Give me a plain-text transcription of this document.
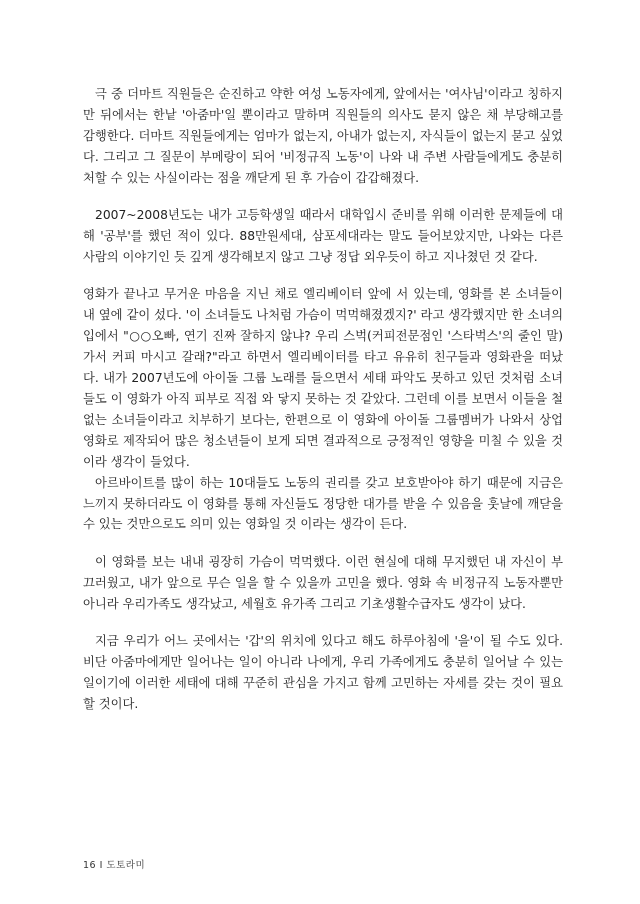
극 중 더마트 직원들은 순진하고 약한 여성 노동자에게, 앞에서는 '여사님'이라고 칭하지만 뒤에서는 한낱 '아줌마'일 뿐이라고 말하며 직원들의 의사도 묻지 않은 채 부당해고를 감행한다. 더마트 직원들에게는 엄마가 없는지, 아내가 없는지, 자식들이 없는지 묻고 싶었다. 그리고 그 질문이 부메랑이 되어 '비정규직 노동'이 나와 내 주변 사람들에게도 충분히 처할 수 있는 사실이라는 점을 깨닫게 된 후 가슴이 갑갑해졌다.

2007~2008년도는 내가 고등학생일 때라서 대학입시 준비를 위해 이러한 문제들에 대해 '공부'를 했던 적이 있다. 88만원세대, 삼포세대라는 말도 들어보았지만, 나와는 다른 사람의 이야기인 듯 깊게 생각해보지 않고 그냥 정답 외우듯이 하고 지나쳤던 것 같다.

영화가 끝나고 무거운 마음을 지닌 채로 엘리베이터 앞에 서 있는데, 영화를 본 소녀들이 내 옆에 같이 섰다. '이 소녀들도 나처럼 가슴이 먹먹해졌겠지?' 라고 생각했지만 한 소녀의 입에서 "○○오빠, 연기 진짜 잘하지 않냐? 우리 스벅(커피전문점인 '스타벅스'의 줄인 말) 가서 커피 마시고 갈래?"라고 하면서 엘리베이터를 타고 유유히 친구들과 영화관을 떠났다. 내가 2007년도에 아이돌 그룹 노래를 들으면서 세태 파악도 못하고 있던 것처럼 소녀들도 이 영화가 아직 피부로 직접 와 닿지 못하는 것 같았다. 그런데 이를 보면서 이들을 철없는 소녀들이라고 치부하기 보다는, 한편으로 이 영화에 아이돌 그룹멤버가 나와서 상업영화로 제작되어 많은 청소년들이 보게 되면 결과적으로 긍정적인 영향을 미칠 수 있을 것이라 생각이 들었다.

아르바이트를 많이 하는 10대들도 노동의 권리를 갖고 보호받아야 하기 때문에 지금은 느끼지 못하더라도 이 영화를 통해 자신들도 정당한 대가를 받을 수 있음을 훗날에 깨닫을 수 있는 것만으로도 의미 있는 영화일 것 이라는 생각이 든다.

이 영화를 보는 내내 굉장히 가슴이 먹먹했다. 이런 현실에 대해 무지했던 내 자신이 부끄러웠고, 내가 앞으로 무슨 일을 할 수 있을까 고민을 했다. 영화 속 비정규직 노동자뿐만 아니라 우리가족도 생각났고, 세월호 유가족 그리고 기초생활수급자도 생각이 났다.

지금 우리가 어느 곳에서는 '갑'의 위치에 있다고 해도 하루아침에 '을'이 될 수도 있다. 비단 아줌마에게만 일어나는 일이 아니라 나에게, 우리 가족에게도 충분히 일어날 수 있는 일이기에 이러한 세태에 대해 꾸준히 관심을 가지고 함께 고민하는 자세를 갖는 것이 필요할 것이다.

16 I 도토라미
